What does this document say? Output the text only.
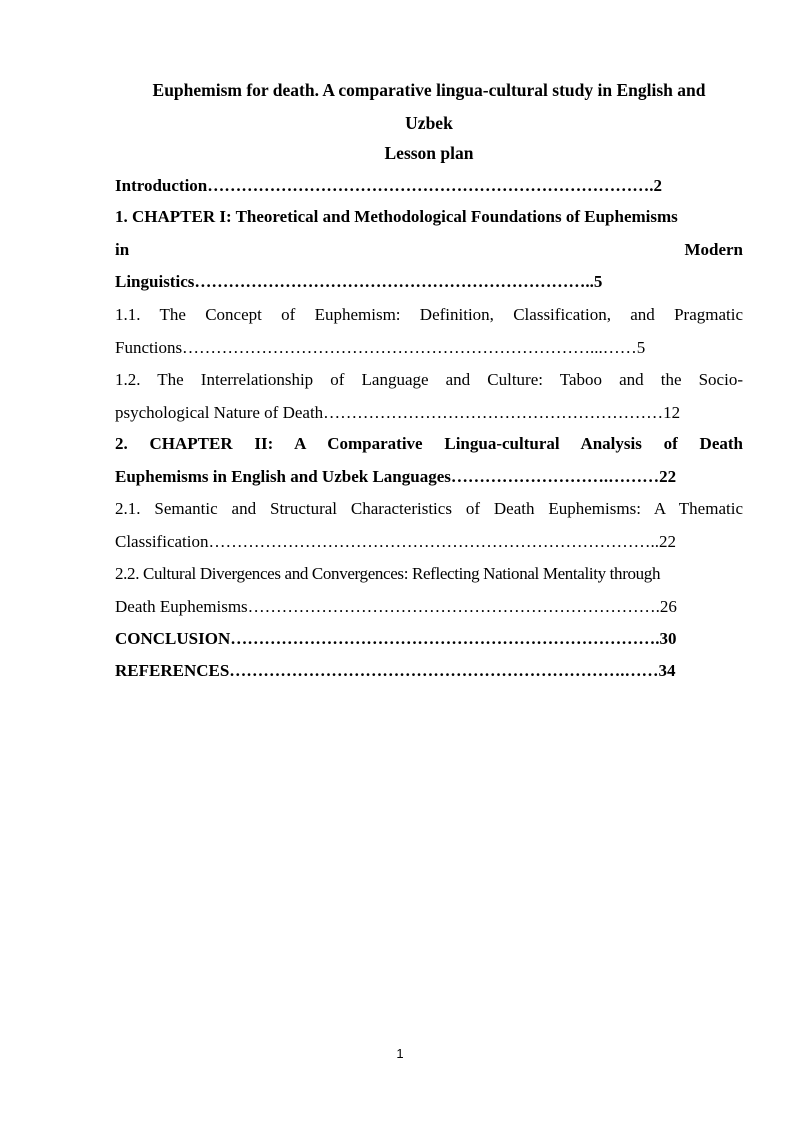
Euphemism for death. A comparative lingua-cultural study in English and
Uzbek
Lesson plan
Introduction…………………………………………………………………….2
1. CHAPTER I: Theoretical and Methodological Foundations of Euphemisms
in Modern
Linguistics……………………………………………………………..5
1.1. The Concept of Euphemism: Definition, Classification, and Pragmatic
Functions………………………………………………………………...……5
1.2. The Interrelationship of Language and Culture: Taboo and the Socio-
psychological Nature of Death……………………………………………………12
2. CHAPTER II: A Comparative Lingua-cultural Analysis of Death
Euphemisms in English and Uzbek Languages……………………….………22
2.1. Semantic and Structural Characteristics of Death Euphemisms: A Thematic
Classification……………………………………………………………………..22
2.2. Cultural Divergences and Convergences: Reflecting National Mentality through
Death Euphemisms……………………………………………………………….26
CONCLUSION………………………………………………………………….30
REFERENCES…………………………………………………………….……34
1
